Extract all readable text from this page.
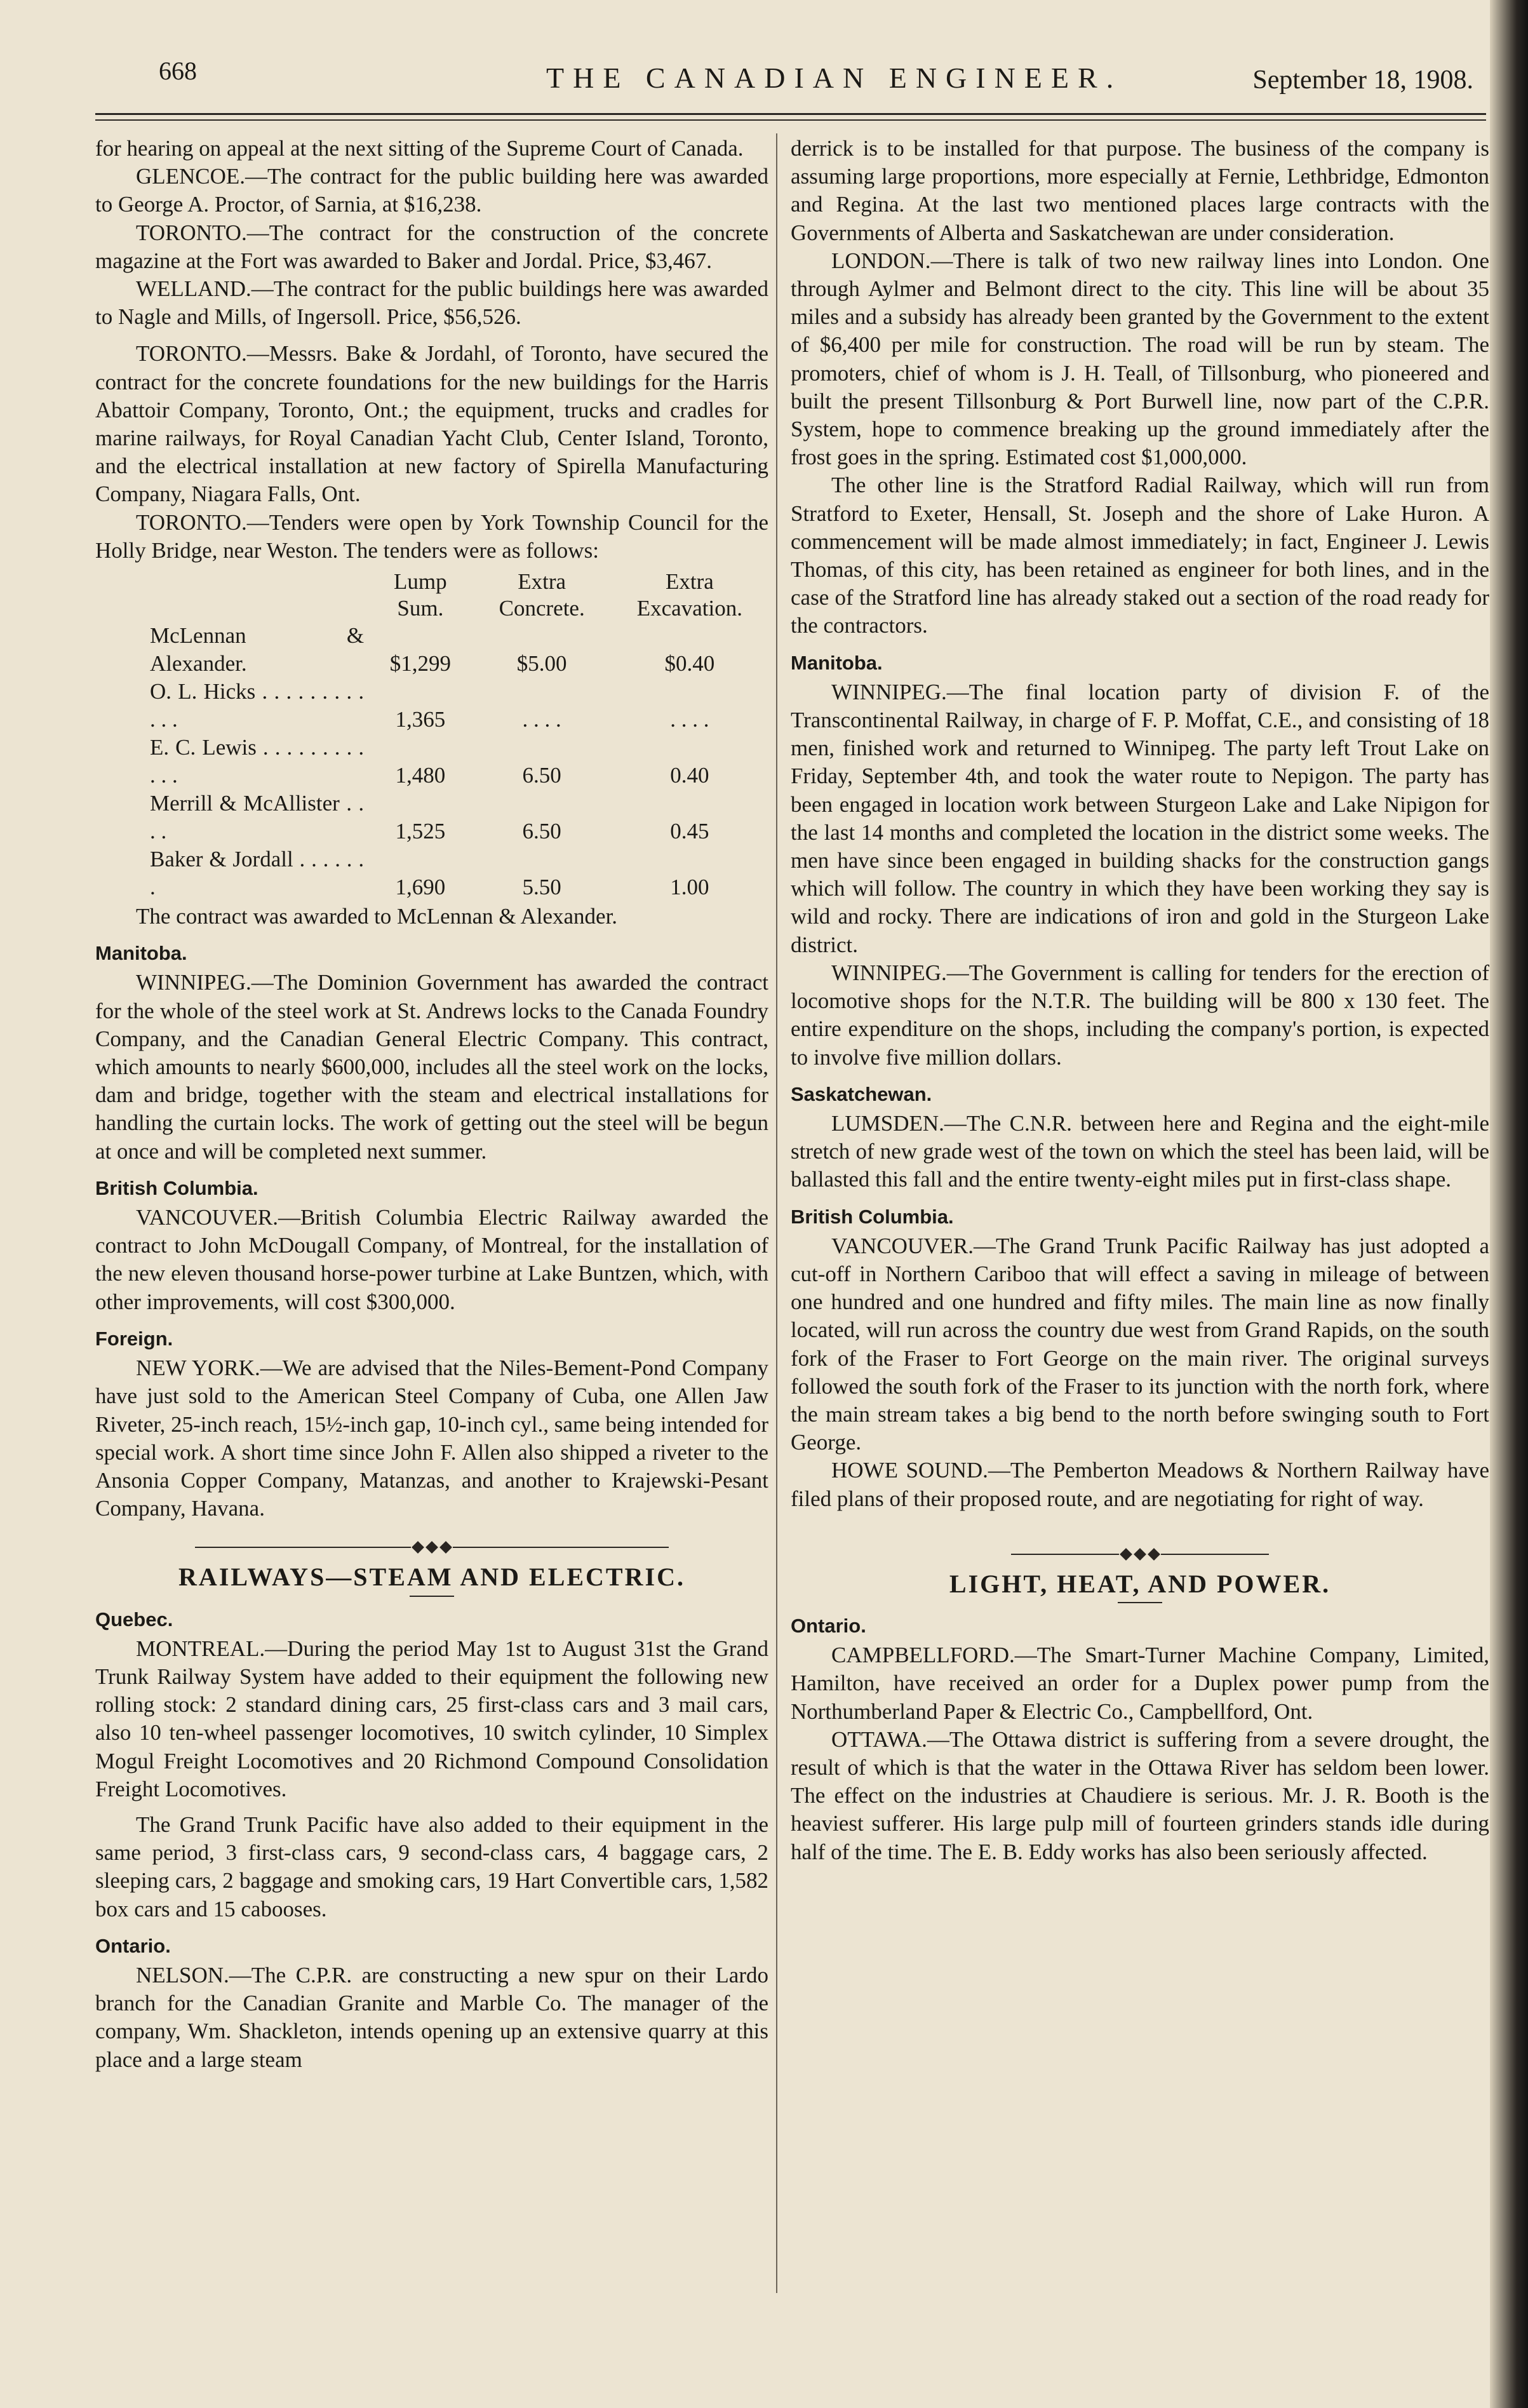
668	THE CANADIAN ENGINEER.	September 18, 1908.

for hearing on appeal at the next sitting of the Supreme Court of Canada.

GLENCOE.—The contract for the public building here was awarded to George A. Proctor, of Sarnia, at $16,238.

TORONTO.—The contract for the construction of the concrete magazine at the Fort was awarded to Baker and Jordal. Price, $3,467.

WELLAND.—The contract for the public buildings here was awarded to Nagle and Mills, of Ingersoll. Price, $56,526.

TORONTO.—Messrs. Bake & Jordahl, of Toronto, have secured the contract for the concrete foundations for the new buildings for the Harris Abattoir Company, Toronto, Ont.; the equipment, trucks and cradles for marine railways, for Royal Canadian Yacht Club, Center Island, Toronto, and the electrical installation at new factory of Spirella Manufacturing Company, Niagara Falls, Ont.

TORONTO.—Tenders were open by York Township Council for the Holly Bridge, near Weston. The tenders were as follows:

	Lump Sum.	Extra Concrete.	Extra Excavation.
McLennan & Alexander.	$1,299	$5.00	$0.40
O. L. Hicks . . . . . . . . . . . .	1,365	. . . .	. . . .
E. C. Lewis . . . . . . . . . . . .	1,480	6.50	0.40
Merrill & McAllister . . . .	1,525	6.50	0.45
Baker & Jordall . . . . . . .	1,690	5.50	1.00

The contract was awarded to McLennan & Alexander.

Manitoba.

WINNIPEG.—The Dominion Government has awarded the contract for the whole of the steel work at St. Andrews locks to the Canada Foundry Company, and the Canadian General Electric Company. This contract, which amounts to nearly $600,000, includes all the steel work on the locks, dam and bridge, together with the steam and electrical installations for handling the curtain locks. The work of getting out the steel will be begun at once and will be completed next summer.

British Columbia.

VANCOUVER.—British Columbia Electric Railway awarded the contract to John McDougall Company, of Montreal, for the installation of the new eleven thousand horse-power turbine at Lake Buntzen, which, with other improvements, will cost $300,000.

Foreign.

NEW YORK.—We are advised that the Niles-Bement-Pond Company have just sold to the American Steel Company of Cuba, one Allen Jaw Riveter, 25-inch reach, 15½-inch gap, 10-inch cyl., same being intended for special work. A short time since John F. Allen also shipped a riveter to the Ansonia Copper Company, Matanzas, and another to Krajewski-Pesant Company, Havana.

RAILWAYS—STEAM AND ELECTRIC.
Quebec.

MONTREAL.—During the period May 1st to August 31st the Grand Trunk Railway System have added to their equipment the following new rolling stock: 2 standard dining cars, 25 first-class cars and 3 mail cars, also 10 ten-wheel passenger locomotives, 10 switch cylinder, 10 Simplex Mogul Freight Locomotives and 20 Richmond Compound Consolidation Freight Locomotives.

The Grand Trunk Pacific have also added to their equipment in the same period, 3 first-class cars, 9 second-class cars, 4 baggage cars, 2 sleeping cars, 2 baggage and smoking cars, 19 Hart Convertible cars, 1,582 box cars and 15 cabooses.

Ontario.

NELSON.—The C.P.R. are constructing a new spur on their Lardo branch for the Canadian Granite and Marble Co. The manager of the company, Wm. Shackleton, intends opening up an extensive quarry at this place and a large steam

derrick is to be installed for that purpose. The business of the company is assuming large proportions, more especially at Fernie, Lethbridge, Edmonton and Regina. At the last two mentioned places large contracts with the Governments of Alberta and Saskatchewan are under consideration.

LONDON.—There is talk of two new railway lines into London. One through Aylmer and Belmont direct to the city. This line will be about 35 miles and a subsidy has already been granted by the Government to the extent of $6,400 per mile for construction. The road will be run by steam. The promoters, chief of whom is J. H. Teall, of Tillsonburg, who pioneered and built the present Tillsonburg & Port Burwell line, now part of the C.P.R. System, hope to commence breaking up the ground immediately after the frost goes in the spring. Estimated cost $1,000,000.

The other line is the Stratford Radial Railway, which will run from Stratford to Exeter, Hensall, St. Joseph and the shore of Lake Huron. A commencement will be made almost immediately; in fact, Engineer J. Lewis Thomas, of this city, has been retained as engineer for both lines, and in the case of the Stratford line has already staked out a section of the road ready for the contractors.

Manitoba.

WINNIPEG.—The final location party of division F. of the Transcontinental Railway, in charge of F. P. Moffat, C.E., and consisting of 18 men, finished work and returned to Winnipeg. The party left Trout Lake on Friday, September 4th, and took the water route to Nepigon. The party has been engaged in location work between Sturgeon Lake and Lake Nipigon for the last 14 months and completed the location in the district some weeks. The men have since been engaged in building shacks for the construction gangs which will follow. The country in which they have been working they say is wild and rocky. There are indications of iron and gold in the Sturgeon Lake district.

WINNIPEG.—The Government is calling for tenders for the erection of locomotive shops for the N.T.R. The building will be 800 x 130 feet. The entire expenditure on the shops, including the company's portion, is expected to involve five million dollars.

Saskatchewan.

LUMSDEN.—The C.N.R. between here and Regina and the eight-mile stretch of new grade west of the town on which the steel has been laid, will be ballasted this fall and the entire twenty-eight miles put in first-class shape.

British Columbia.

VANCOUVER.—The Grand Trunk Pacific Railway has just adopted a cut-off in Northern Cariboo that will effect a saving in mileage of between one hundred and one hundred and fifty miles. The main line as now finally located, will run across the country due west from Grand Rapids, on the south fork of the Fraser to Fort George on the main river. The original surveys followed the south fork of the Fraser to its junction with the north fork, where the main stream takes a big bend to the north before swinging south to Fort George.

HOWE SOUND.—The Pemberton Meadows & Northern Railway have filed plans of their proposed route, and are negotiating for right of way.

LIGHT, HEAT, AND POWER.
Ontario.

CAMPBELLFORD.—The Smart-Turner Machine Company, Limited, Hamilton, have received an order for a Duplex power pump from the Northumberland Paper & Electric Co., Campbellford, Ont.

OTTAWA.—The Ottawa district is suffering from a severe drought, the result of which is that the water in the Ottawa River has seldom been lower. The effect on the industries at Chaudiere is serious. Mr. J. R. Booth is the heaviest sufferer. His large pulp mill of fourteen grinders stands idle during half of the time. The E. B. Eddy works has also been seriously affected.
